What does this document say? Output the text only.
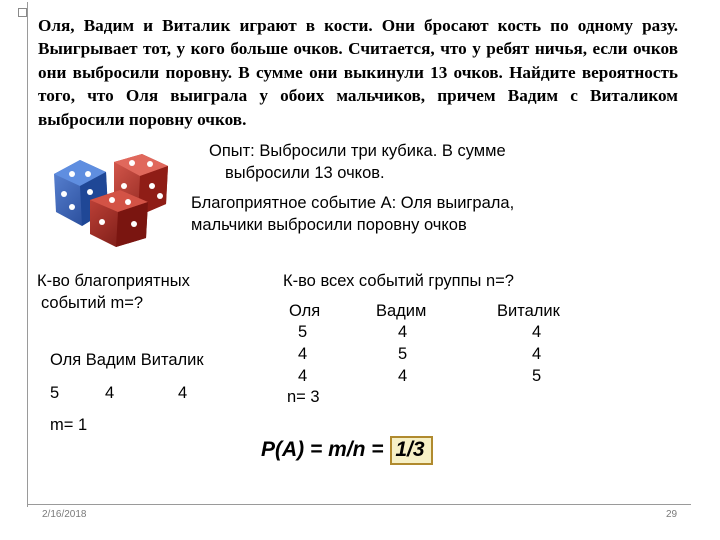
Оля, Вадим и Виталик играют в кости. Они бросают кость по одному разу. Выигрывает тот, у кого больше очков. Считается, что у ребят ничья, если очков они выбросили поровну. В сумме они выкинули 13 очков. Найдите вероятность того, что Оля выиграла у обоих мальчиков, причем Вадим с Виталиком выбросили поровну очков.

Опыт: Выбросили три кубика. В сумме
выбросили 13 очков.
Благоприятное событие А: Оля выиграла,
мальчики выбросили поровну очков
К-во благоприятных
событий m=?
Оля Вадим Виталик
5	4	4
m= 1
К-во всех событий группы n=?
Оля	Вадим	Виталик
5	4	4
4	5	4
4	4	5
n= 3
P(A) = m/n = 1/3
2/16/2018	29
